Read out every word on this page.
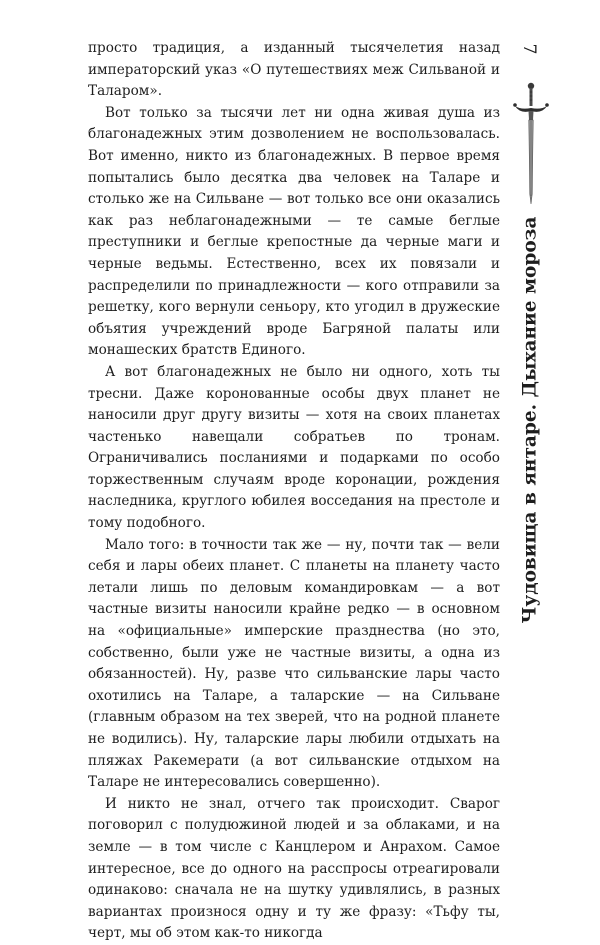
просто традиция, а изданный тысячелетия назад императорский указ «О путешествиях меж Сильваной и Таларом».

Вот только за тысячи лет ни одна живая душа из благонадежных этим дозволением не воспользовалась. Вот именно, никто из благонадежных. В первое время попытались было десятка два человек на Таларе и столько же на Сильване — вот только все они оказались как раз неблагонадежными — те самые беглые преступники и беглые крепостные да черные маги и черные ведьмы. Естественно, всех их повязали и распределили по принадлежности — кого отправили за решетку, кого вернули сеньору, кто угодил в дружеские объятия учреждений вроде Багряной палаты или монашеских братств Единого.

А вот благонадежных не было ни одного, хоть ты тресни. Даже коронованные особы двух планет не наносили друг другу визиты — хотя на своих планетах частенько навещали собратьев по тронам. Ограничивались посланиями и подарками по особо торжественным случаям вроде коронации, рождения наследника, круглого юбилея восседания на престоле и тому подобного.

Мало того: в точности так же — ну, почти так — вели себя и лары обеих планет. С планеты на планету часто летали лишь по деловым командировкам — а вот частные визиты наносили крайне редко — в основном на «официальные» имперские празднества (но это, собственно, были уже не частные визиты, а одна из обязанностей). Ну, разве что сильванские лары часто охотились на Таларе, а таларские — на Сильване (главным образом на тех зверей, что на родной планете не водились). Ну, таларские лары любили отдыхать на пляжах Ракемерати (а вот сильванские отдыхом на Таларе не интересовались совершенно).

И никто не знал, отчего так происходит. Сварог поговорил с полудюжиной людей и за облаками, и на земле — в том числе с Канцлером и Анрахом. Самое интересное, все до одного на расспросы отреагировали одинаково: сначала не на шутку удивлялись, в разных вариантах произнося одну и ту же фразу: «Тьфу ты, черт, мы об этом как-то никогда

7
Чудовища в янтаре. Дыхание мороза
